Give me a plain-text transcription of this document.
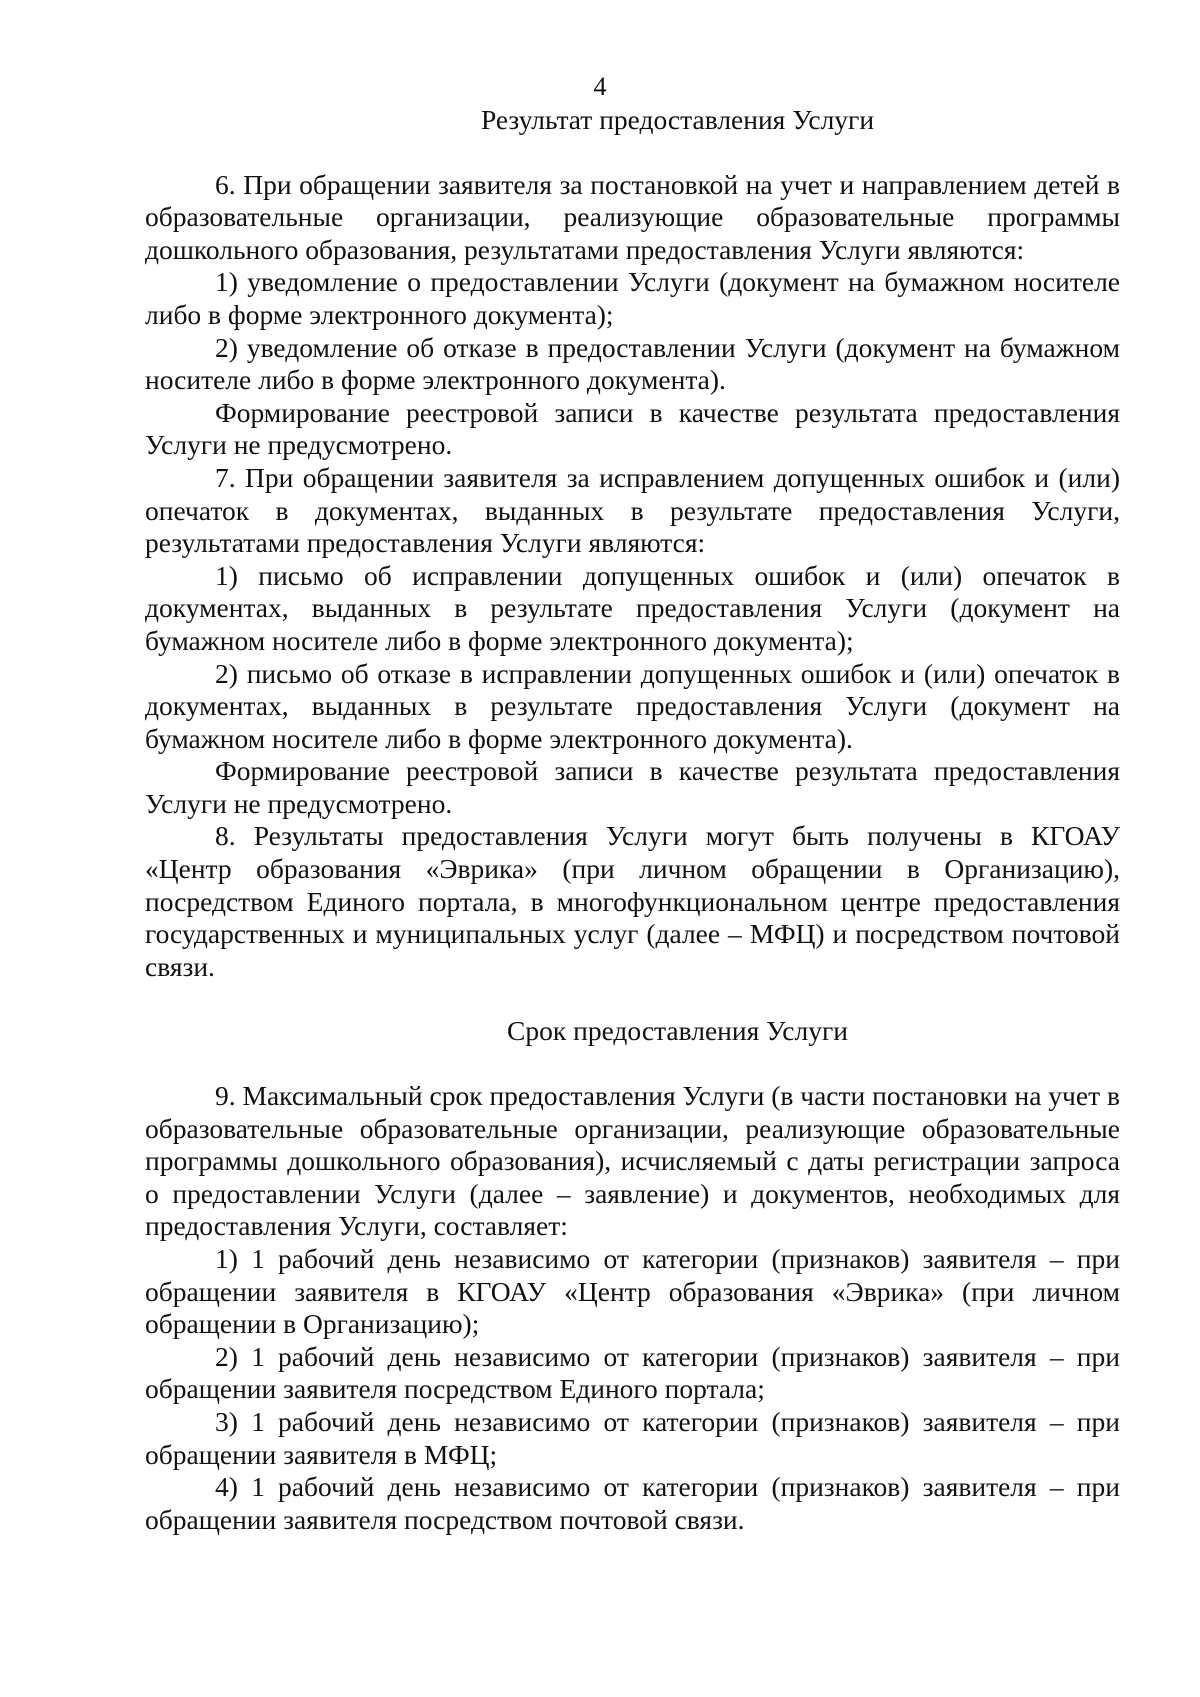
4
Результат предоставления Услуги

6. При обращении заявителя за постановкой на учет и направлением детей в образовательные организации, реализующие образовательные программы дошкольного образования, результатами предоставления Услуги являются:

1) уведомление о предоставлении Услуги (документ на бумажном носителе либо в форме электронного документа);

2) уведомление об отказе в предоставлении Услуги (документ на бумажном носителе либо в форме электронного документа).

Формирование реестровой записи в качестве результата предоставления Услуги не предусмотрено.

7. При обращении заявителя за исправлением допущенных ошибок и (или) опечаток в документах, выданных в результате предоставления Услуги, результатами предоставления Услуги являются:

1) письмо об исправлении допущенных ошибок и (или) опечаток в документах, выданных в результате предоставления Услуги (документ на бумажном носителе либо в форме электронного документа);

2) письмо об отказе в исправлении допущенных ошибок и (или) опечаток в документах, выданных в результате предоставления Услуги (документ на бумажном носителе либо в форме электронного документа).

Формирование реестровой записи в качестве результата предоставления Услуги не предусмотрено.

8. Результаты предоставления Услуги могут быть получены в КГОАУ «Центр образования «Эврика» (при личном обращении в Организацию), посредством Единого портала, в многофункциональном центре предоставления государственных и муниципальных услуг (далее – МФЦ) и посредством почтовой связи.

Срок предоставления Услуги

9. Максимальный срок предоставления Услуги (в части постановки на учет в образовательные образовательные организации, реализующие образовательные программы дошкольного образования), исчисляемый с даты регистрации запроса о предоставлении Услуги (далее – заявление) и документов, необходимых для предоставления Услуги, составляет:

1) 1 рабочий день независимо от категории (признаков) заявителя – при обращении заявителя в КГОАУ «Центр образования «Эврика» (при личном обращении в Организацию);

2) 1 рабочий день независимо от категории (признаков) заявителя – при обращении заявителя посредством Единого портала;

3) 1 рабочий день независимо от категории (признаков) заявителя – при обращении заявителя в МФЦ;

4) 1 рабочий день независимо от категории (признаков) заявителя – при обращении заявителя посредством почтовой связи.
